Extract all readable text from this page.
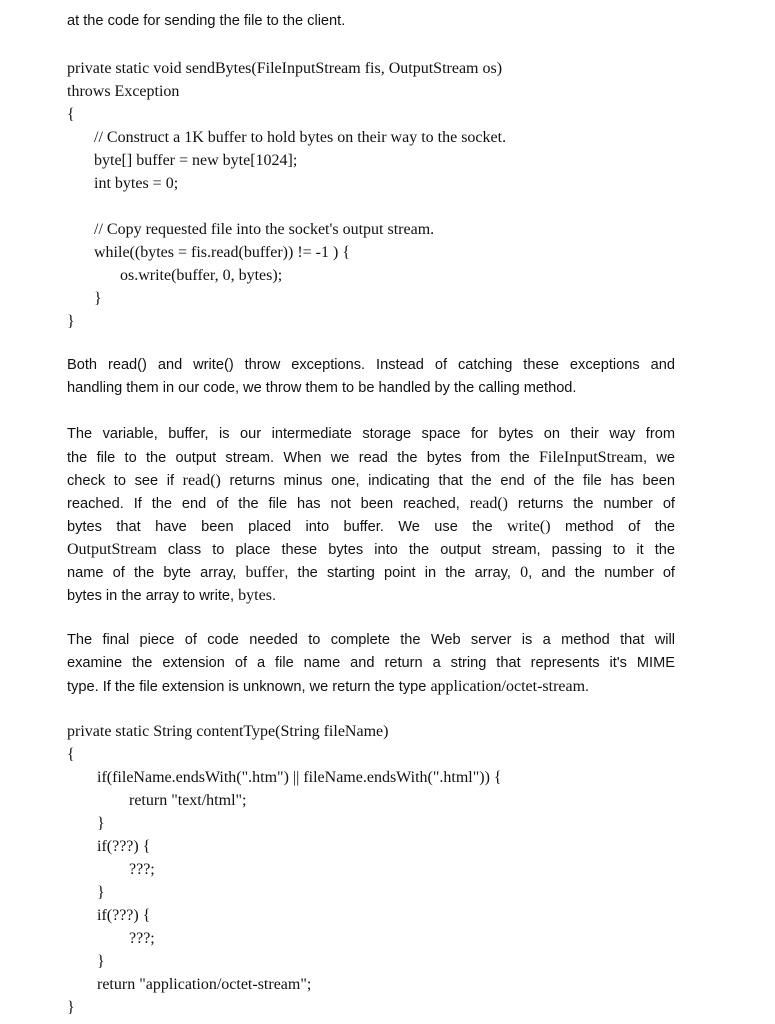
at the code for sending the file to the client.
private static void sendBytes(FileInputStream fis, OutputStream os)
throws Exception
{
// Construct a 1K buffer to hold bytes on their way to the socket.
byte[] buffer = new byte[1024];
int bytes = 0;
// Copy requested file into the socket's output stream.
while((bytes = fis.read(buffer)) != -1 ) {
os.write(buffer, 0, bytes);
}
}
Both read() and write() throw exceptions. Instead of catching these exceptions and
handling them in our code, we throw them to be handled by the calling method.
The variable, buffer, is our intermediate storage space for bytes on their way from
the file to the output stream. When we read the bytes from the FileInputStream, we
check to see if read() returns minus one, indicating that the end of the file has been
reached. If the end of the file has not been reached, read() returns the number of
bytes that have been placed into buffer. We use the write() method of the
OutputStream class to place these bytes into the output stream, passing to it the
name of the byte array, buffer, the starting point in the array, 0, and the number of
bytes in the array to write, bytes.
The final piece of code needed to complete the Web server is a method that will
examine the extension of a file name and return a string that represents it's MIME
type. If the file extension is unknown, we return the type application/octet-stream.
private static String contentType(String fileName)
{
if(fileName.endsWith(".htm") || fileName.endsWith(".html")) {
return "text/html";
}
if(???) {
???;
}
if(???) {
???;
}
return "application/octet-stream";
}
